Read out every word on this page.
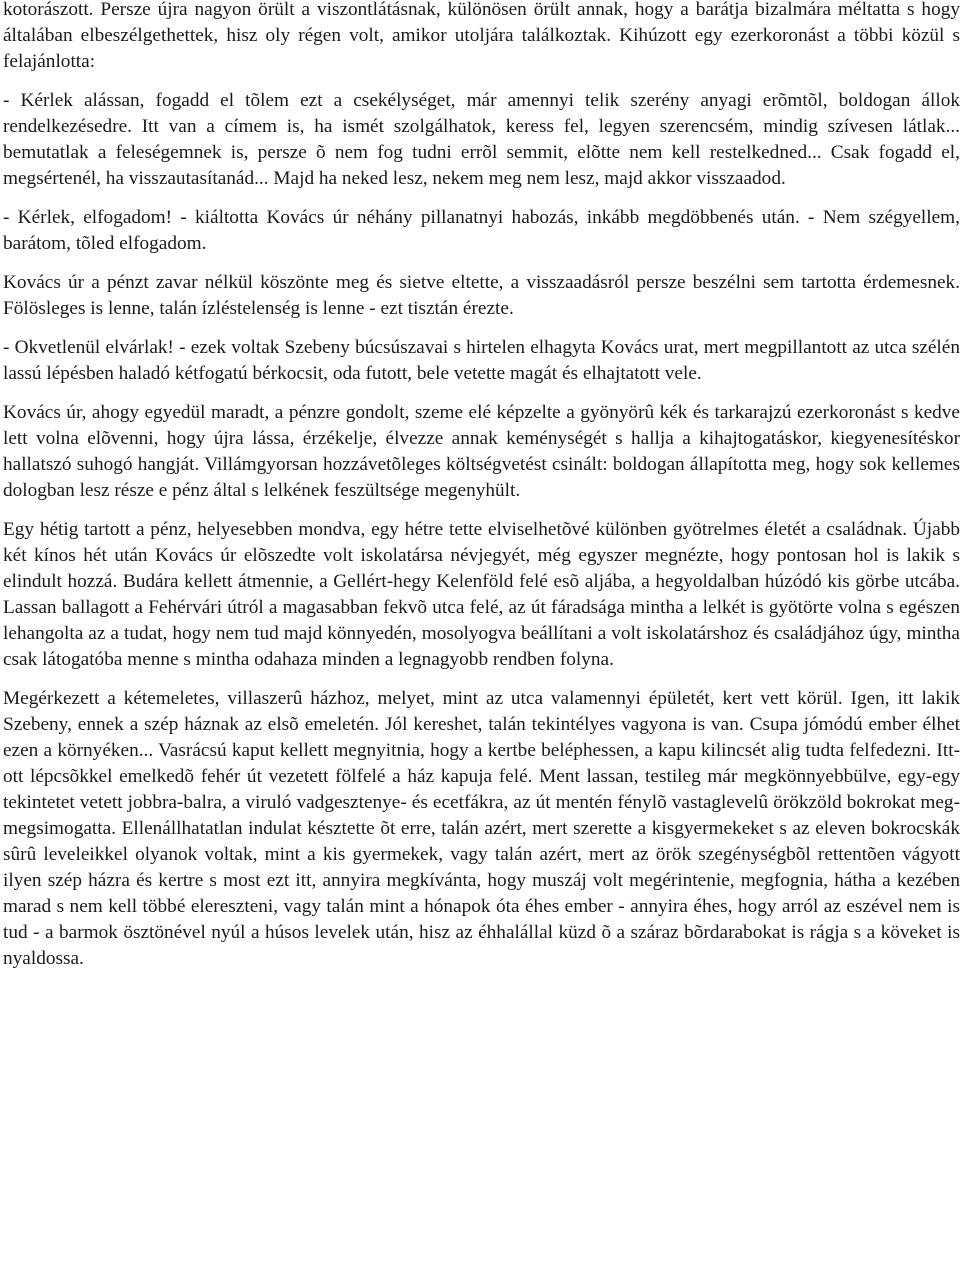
kotorászott. Persze újra nagyon örült a viszontlátásnak, különösen örült annak, hogy a barátja bizalmára méltatta s hogy általában elbeszélgethettek, hisz oly régen volt, amikor utoljára találkoztak. Kihúzott egy ezerkoronást a többi közül s felajánlotta:

- Kérlek alássan, fogadd el tõlem ezt a csekélységet, már amennyi telik szerény anyagi erõmtõl, boldogan állok rendelkezésedre. Itt van a címem is, ha ismét szolgálhatok, keress fel, legyen szerencsém, mindig szívesen látlak... bemutatlak a feleségemnek is, persze õ nem fog tudni errõl semmit, elõtte nem kell restelkedned... Csak fogadd el, megsértenél, ha visszautasítanád... Majd ha neked lesz, nekem meg nem lesz, majd akkor visszaadod.

- Kérlek, elfogadom! - kiáltotta Kovács úr néhány pillanatnyi habozás, inkább megdöbbenés után. - Nem szégyellem, barátom, tõled elfogadom.

Kovács úr a pénzt zavar nélkül köszönte meg és sietve eltette, a visszaadásról persze beszélni sem tartotta érdemesnek. Fölösleges is lenne, talán ízléstelenség is lenne - ezt tisztán érezte.

- Okvetlenül elvárlak! - ezek voltak Szebeny búcsúszavai s hirtelen elhagyta Kovács urat, mert megpillantott az utca szélén lassú lépésben haladó kétfogatú bérkocsit, oda futott, bele vetette magát és elhajtatott vele.

Kovács úr, ahogy egyedül maradt, a pénzre gondolt, szeme elé képzelte a gyönyörû kék és tarkarajzú ezerkoronást s kedve lett volna elõvenni, hogy újra lássa, érzékelje, élvezze annak keménységét s hallja a kihajtogatáskor, kiegyenesítéskor hallatszó suhogó hangját. Villámgyorsan hozzávetõleges költségvetést csinált: boldogan állapította meg, hogy sok kellemes dologban lesz része e pénz által s lelkének feszültsége megenyhült.

Egy hétig tartott a pénz, helyesebben mondva, egy hétre tette elviselhetõvé különben gyötrelmes életét a családnak. Újabb két kínos hét után Kovács úr elõszedte volt iskolatársa névjegyét, még egyszer megnézte, hogy pontosan hol is lakik s elindult hozzá. Budára kellett átmennie, a Gellért-hegy Kelenföld felé esõ aljába, a hegyoldalban húzódó kis görbe utcába. Lassan ballagott a Fehérvári útról a magasabban fekvõ utca felé, az út fáradsága mintha a lelkét is gyötörte volna s egészen lehangolta az a tudat, hogy nem tud majd könnyedén, mosolyogva beállítani a volt iskolatárshoz és családjához úgy, mintha csak látogatóba menne s mintha odahaza minden a legnagyobb rendben folyna.

Megérkezett a kétemeletes, villaszerû házhoz, melyet, mint az utca valamennyi épületét, kert vett körül. Igen, itt lakik Szebeny, ennek a szép háznak az elsõ emeletén. Jól kereshet, talán tekintélyes vagyona is van. Csupa jómódú ember élhet ezen a környéken... Vasrácsú kaput kellett megnyitnia, hogy a kertbe beléphessen, a kapu kilincsét alig tudta felfedezni. Itt-ott lépcsõkkel emelkedõ fehér út vezetett fölfelé a ház kapuja felé. Ment lassan, testileg már megkönnyebbülve, egy-egy tekintetet vetett jobbra-balra, a viruló vadgesztenye- és ecetfákra, az út mentén fénylõ vastaglevelû örökzöld bokrokat meg-megsimogatta. Ellenállhatatlan indulat késztette õt erre, talán azért, mert szerette a kisgyermekeket s az eleven bokrocskák sûrû leveleikkel olyanok voltak, mint a kis gyermekek, vagy talán azért, mert az örök szegénységbõl rettentõen vágyott ilyen szép házra és kertre s most ezt itt, annyira megkívánta, hogy muszáj volt megérintenie, megfognia, hátha a kezében marad s nem kell többé elereszteni, vagy talán mint a hónapok óta éhes ember - annyira éhes, hogy arról az eszével nem is tud - a barmok ösztönével nyúl a húsos levelek után, hisz az éhhalállal küzd õ a száraz bõrdarabokat is rágja s a köveket is nyaldossa.
